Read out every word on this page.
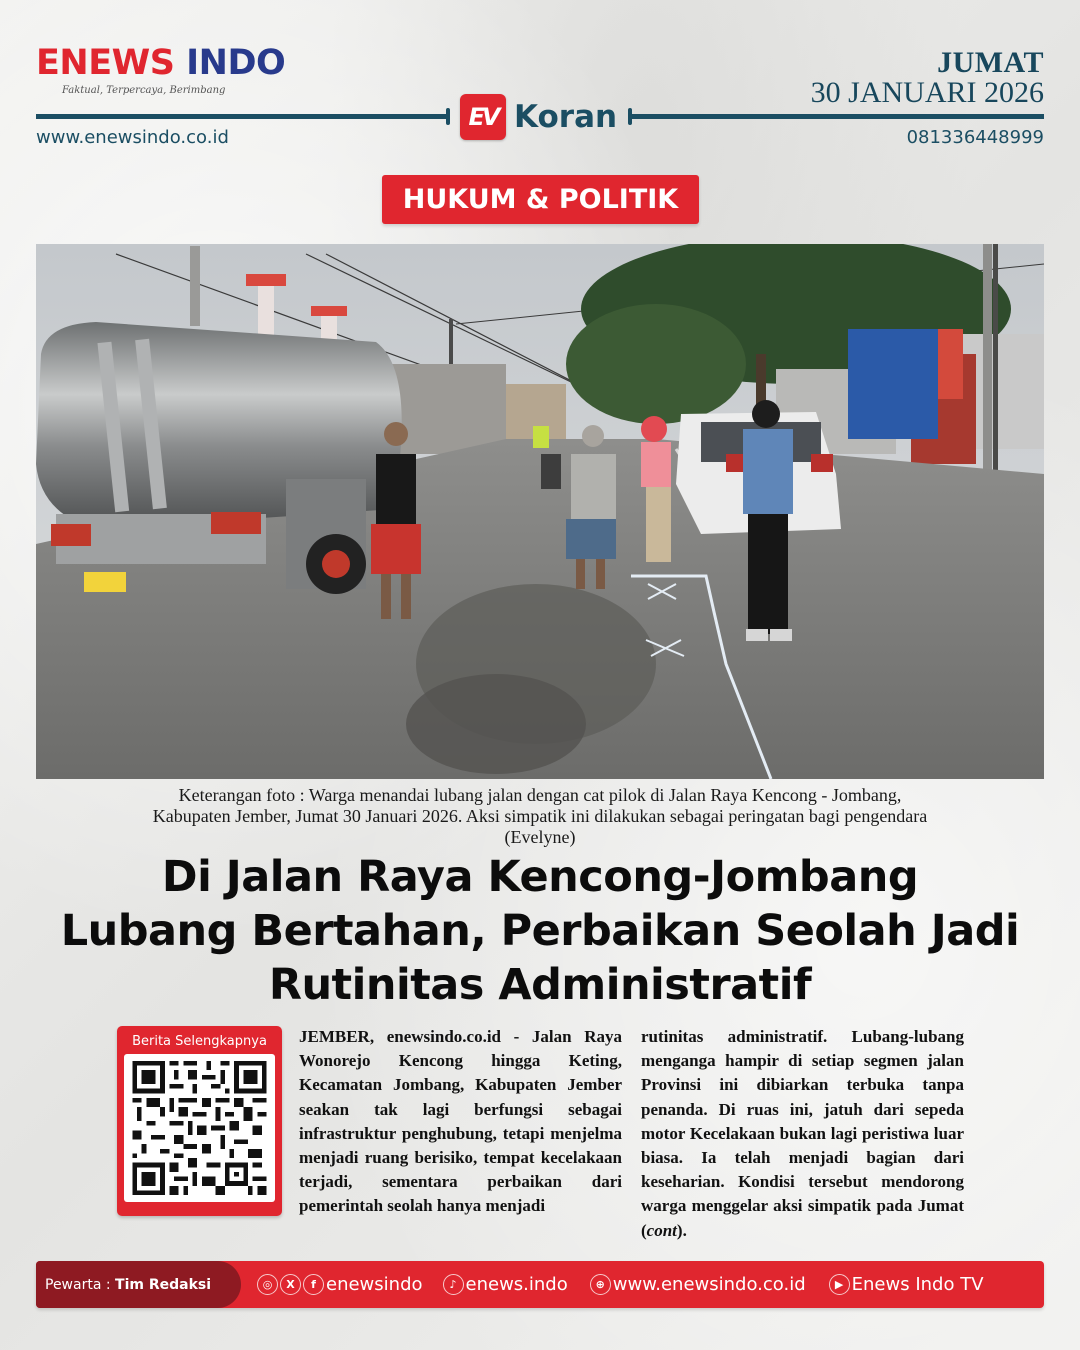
ENEWS INDO
Faktual, Terpercaya, Berimbang
JUMAT
30 JANUARI 2026
EV Koran
www.enewsindo.co.id	081336448999
HUKUM & POLITIK
Keterangan foto : Warga menandai lubang jalan dengan cat pilok di Jalan Raya Kencong - Jombang,
Kabupaten Jember, Jumat 30 Januari 2026. Aksi simpatik ini dilakukan sebagai peringatan bagi pengendara
(Evelyne)
Di Jalan Raya Kencong-Jombang
Lubang Bertahan, Perbaikan Seolah Jadi
Rutinitas Administratif
Berita Selengkapnya	JEMBER, enewsindo.co.id - Jalan Raya Wonorejo Kencong hingga Keting, Kecamatan Jombang, Kabupaten Jember seakan tak lagi berfungsi sebagai infrastruktur penghubung, tetapi menjelma menjadi ruang berisiko, tempat kecelakaan terjadi, sementara perbaikan dari pemerintah seolah hanya menjadi

rutinitas administratif. Lubang-lubang menganga hampir di setiap segmen jalan Provinsi ini dibiarkan terbuka tanpa penanda. Di ruas ini, jatuh dari sepeda motor Kecelakaan bukan lagi peristiwa luar biasa. Ia telah menjadi bagian dari keseharian. Kondisi tersebut mendorong warga menggelar aksi simpatik pada Jumat (cont).

Pewarta :
Tim Redaksi	◎	X	f enewsindo	♪ enews.indo	⊕ www.enewsindo.co.id	▶ Enews Indo TV
